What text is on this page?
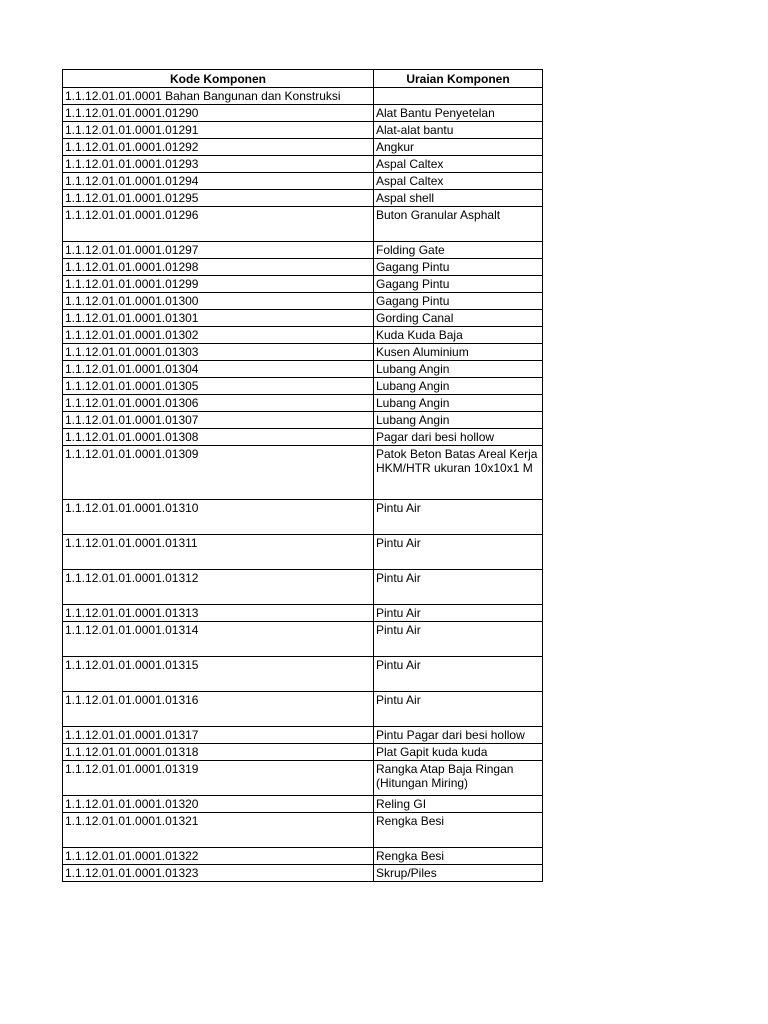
Kode Komponen	Uraian Komponen
1.1.12.01.01.0001 Bahan Bangunan dan Konstruksi	
1.1.12.01.01.0001.01290	Alat Bantu Penyetelan
1.1.12.01.01.0001.01291	Alat-alat bantu
1.1.12.01.01.0001.01292	Angkur
1.1.12.01.01.0001.01293	Aspal Caltex
1.1.12.01.01.0001.01294	Aspal Caltex
1.1.12.01.01.0001.01295	Aspal shell
1.1.12.01.01.0001.01296	Buton Granular Asphalt
1.1.12.01.01.0001.01297	Folding Gate
1.1.12.01.01.0001.01298	Gagang Pintu
1.1.12.01.01.0001.01299	Gagang Pintu
1.1.12.01.01.0001.01300	Gagang Pintu
1.1.12.01.01.0001.01301	Gording Canal
1.1.12.01.01.0001.01302	Kuda Kuda Baja
1.1.12.01.01.0001.01303	Kusen Aluminium
1.1.12.01.01.0001.01304	Lubang Angin
1.1.12.01.01.0001.01305	Lubang Angin
1.1.12.01.01.0001.01306	Lubang Angin
1.1.12.01.01.0001.01307	Lubang Angin
1.1.12.01.01.0001.01308	Pagar dari besi hollow
1.1.12.01.01.0001.01309	Patok Beton Batas Areal Kerja HKM/HTR ukuran 10x10x1 M
1.1.12.01.01.0001.01310	Pintu Air
1.1.12.01.01.0001.01311	Pintu Air
1.1.12.01.01.0001.01312	Pintu Air
1.1.12.01.01.0001.01313	Pintu Air
1.1.12.01.01.0001.01314	Pintu Air
1.1.12.01.01.0001.01315	Pintu Air
1.1.12.01.01.0001.01316	Pintu Air
1.1.12.01.01.0001.01317	Pintu Pagar dari besi hollow
1.1.12.01.01.0001.01318	Plat Gapit kuda kuda
1.1.12.01.01.0001.01319	Rangka Atap Baja Ringan (Hitungan Miring)
1.1.12.01.01.0001.01320	Reling GI
1.1.12.01.01.0001.01321	Rengka Besi
1.1.12.01.01.0001.01322	Rengka Besi
1.1.12.01.01.0001.01323	Skrup/Piles
